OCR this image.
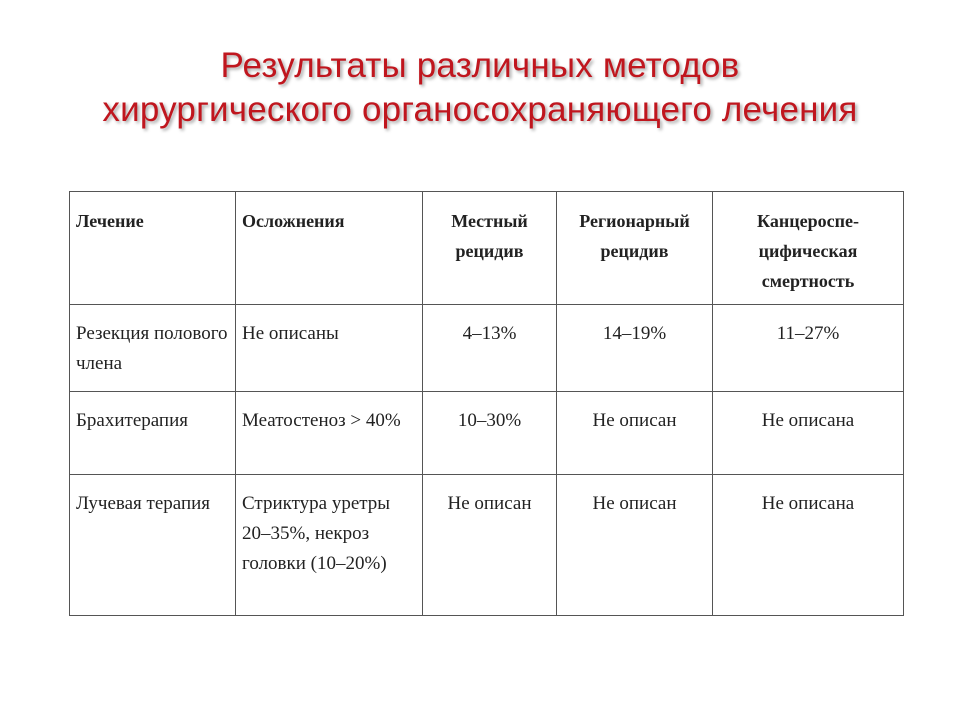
Результаты различных методов
хирургического органосохраняющего лечения
Лечение	Осложнения	Местный рецидив	Регионарный рецидив	Канцероспе-цифическая смертность
Резекция полового члена	Не описаны	4–13%	14–19%	11–27%
Брахитерапия	Меатостеноз > 40%	10–30%	Не описан	Не описана
Лучевая терапия	Стриктура уретры 20–35%, некроз головки (10–20%)	Не описан	Не описан	Не описана
